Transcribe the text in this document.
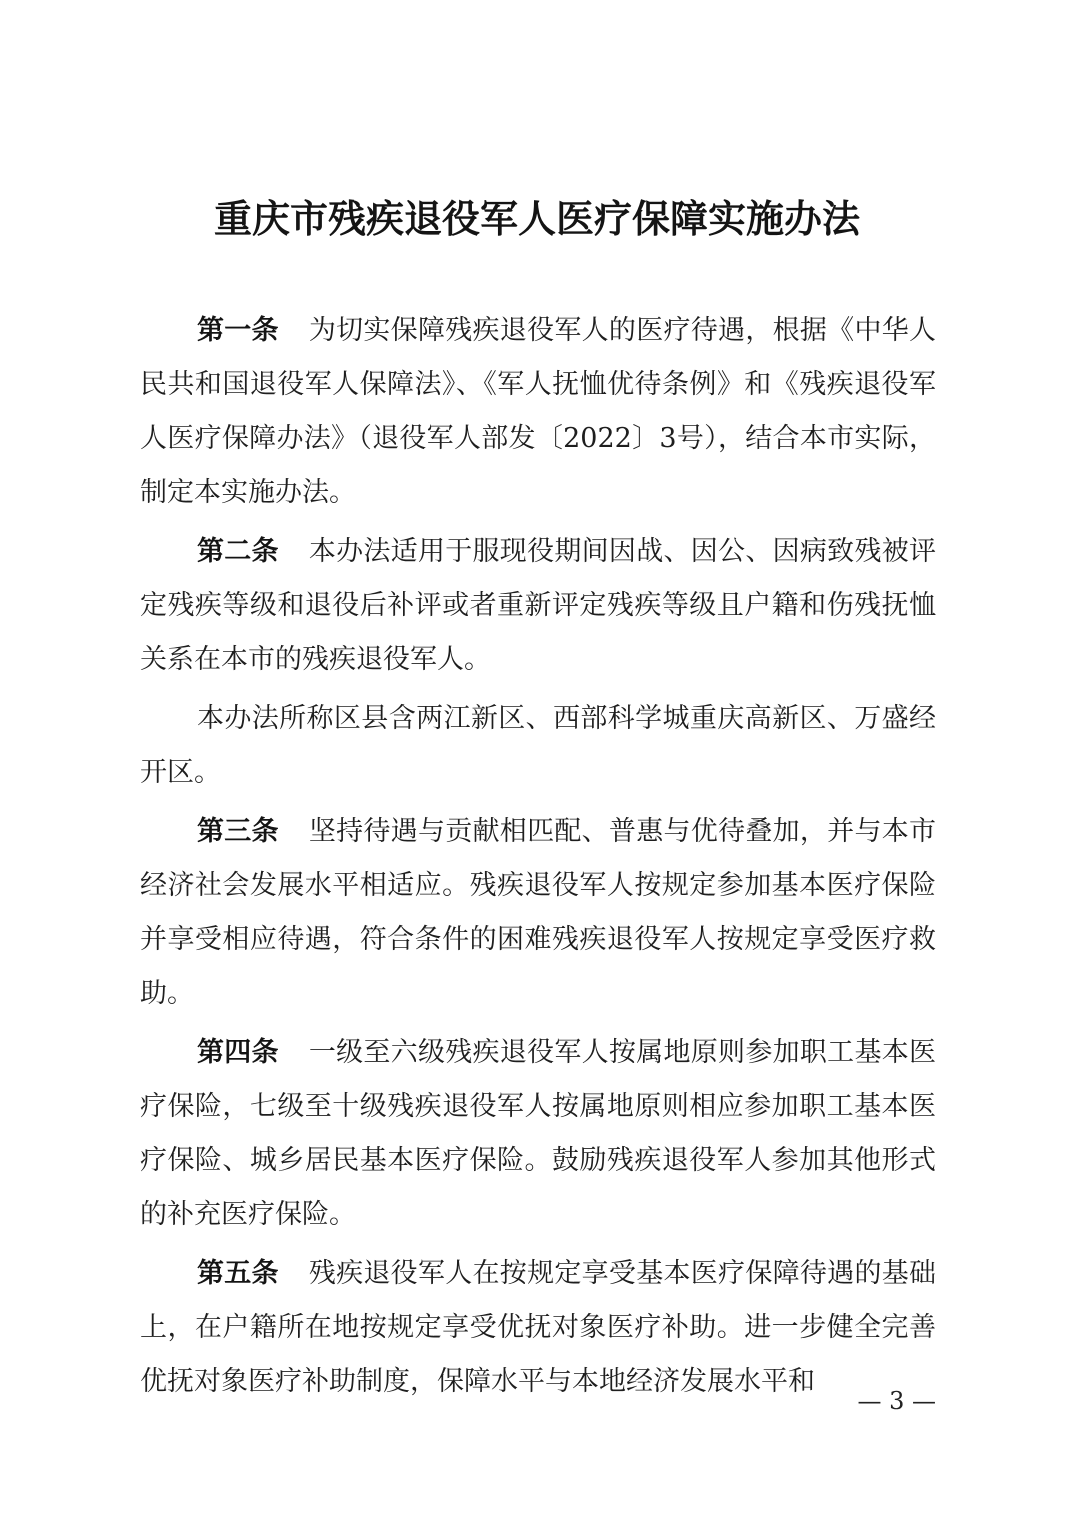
重庆市残疾退役军人医疗保障实施办法

第一条 为切实保障残疾退役军人的医疗待遇，根据《中华人民共和国退役军人保障法》、《军人抚恤优待条例》和《残疾退役军人医疗保障办法》（退役军人部发〔2022〕3号），结合本市实际，制定本实施办法。

第二条 本办法适用于服现役期间因战、因公、因病致残被评定残疾等级和退役后补评或者重新评定残疾等级且户籍和伤残抚恤关系在本市的残疾退役军人。

本办法所称区县含两江新区、西部科学城重庆高新区、万盛经开区。

第三条 坚持待遇与贡献相匹配、普惠与优待叠加，并与本市经济社会发展水平相适应。残疾退役军人按规定参加基本医疗保险并享受相应待遇，符合条件的困难残疾退役军人按规定享受医疗救助。

第四条 一级至六级残疾退役军人按属地原则参加职工基本医疗保险，七级至十级残疾退役军人按属地原则相应参加职工基本医疗保险、城乡居民基本医疗保险。鼓励残疾退役军人参加其他形式的补充医疗保险。

第五条 残疾退役军人在按规定享受基本医疗保障待遇的基础上，在户籍所在地按规定享受优抚对象医疗补助。进一步健全完善优抚对象医疗补助制度，保障水平与本地经济发展水平和

— 3 —
